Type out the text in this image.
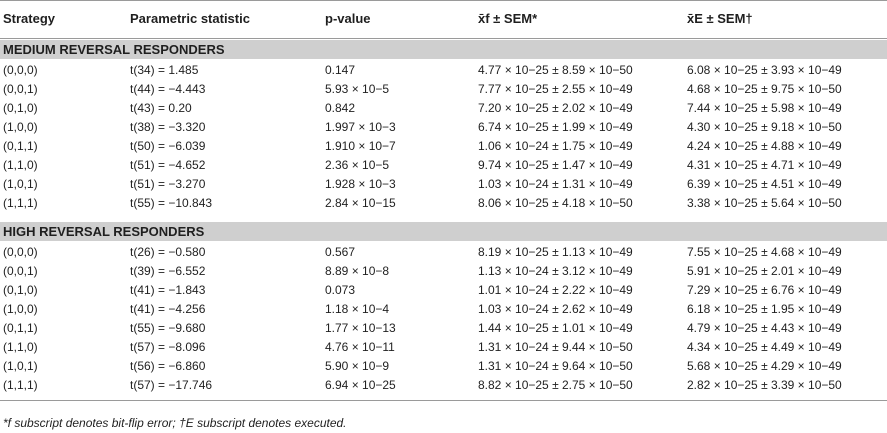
Strategy	Parametric statistic	p-value	x̄f ± SEM*	x̄E ± SEM†
MEDIUM REVERSAL RESPONDERS
(0,0,0)	t(34) = 1.485	0.147	4.77 × 10−25 ± 8.59 × 10−50	6.08 × 10−25 ± 3.93 × 10−49
(0,0,1)	t(44) = −4.443	5.93 × 10−5	7.77 × 10−25 ± 2.55 × 10−49	4.68 × 10−25 ± 9.75 × 10−50
(0,1,0)	t(43) = 0.20	0.842	7.20 × 10−25 ± 2.02 × 10−49	7.44 × 10−25 ± 5.98 × 10−49
(1,0,0)	t(38) = −3.320	1.997 × 10−3	6.74 × 10−25 ± 1.99 × 10−49	4.30 × 10−25 ± 9.18 × 10−50
(0,1,1)	t(50) = −6.039	1.910 × 10−7	1.06 × 10−24 ± 1.75 × 10−49	4.24 × 10−25 ± 4.88 × 10−49
(1,1,0)	t(51) = −4.652	2.36 × 10−5	9.74 × 10−25 ± 1.47 × 10−49	4.31 × 10−25 ± 4.71 × 10−49
(1,0,1)	t(51) = −3.270	1.928 × 10−3	1.03 × 10−24 ± 1.31 × 10−49	6.39 × 10−25 ± 4.51 × 10−49
(1,1,1)	t(55) = −10.843	2.84 × 10−15	8.06 × 10−25 ± 4.18 × 10−50	3.38 × 10−25 ± 5.64 × 10−50
HIGH REVERSAL RESPONDERS
(0,0,0)	t(26) = −0.580	0.567	8.19 × 10−25 ± 1.13 × 10−49	7.55 × 10−25 ± 4.68 × 10−49
(0,0,1)	t(39) = −6.552	8.89 × 10−8	1.13 × 10−24 ± 3.12 × 10−49	5.91 × 10−25 ± 2.01 × 10−49
(0,1,0)	t(41) = −1.843	0.073	1.01 × 10−24 ± 2.22 × 10−49	7.29 × 10−25 ± 6.76 × 10−49
(1,0,0)	t(41) = −4.256	1.18 × 10−4	1.03 × 10−24 ± 2.62 × 10−49	6.18 × 10−25 ± 1.95 × 10−49
(0,1,1)	t(55) = −9.680	1.77 × 10−13	1.44 × 10−25 ± 1.01 × 10−49	4.79 × 10−25 ± 4.43 × 10−49
(1,1,0)	t(57) = −8.096	4.76 × 10−11	1.31 × 10−24 ± 9.44 × 10−50	4.34 × 10−25 ± 4.49 × 10−49
(1,0,1)	t(56) = −6.860	5.90 × 10−9	1.31 × 10−24 ± 9.64 × 10−50	5.68 × 10−25 ± 4.29 × 10−49
(1,1,1)	t(57) = −17.746	6.94 × 10−25	8.82 × 10−25 ± 2.75 × 10−50	2.82 × 10−25 ± 3.39 × 10−50
*f subscript denotes bit-flip error; †E subscript denotes executed.
